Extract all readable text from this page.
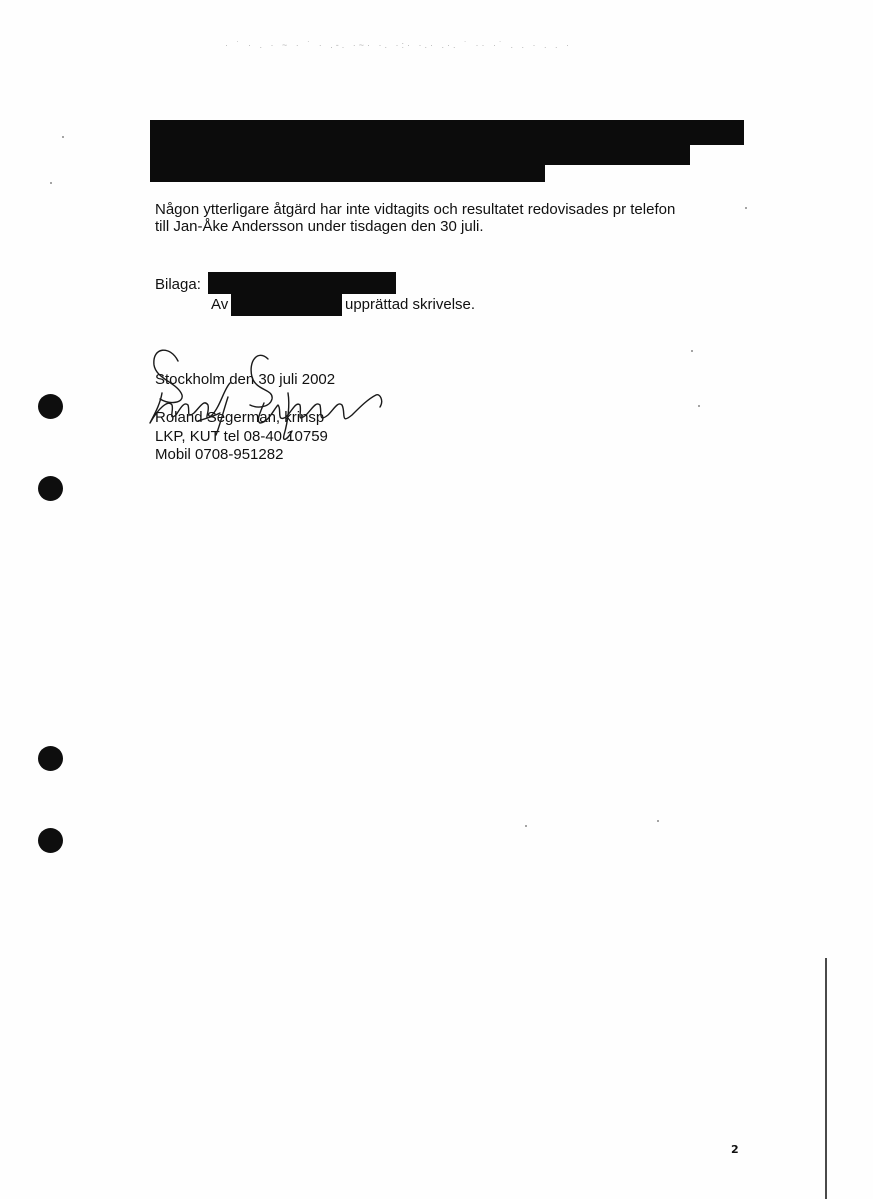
· ˙ · . · ~ · ˙ · .-. ·~· ·. ·:· ·.· .·. ˙ ·· ·˙ . . · . . ·
Någon ytterligare åtgärd har inte vidtagits och resultatet redovisades pr telefon
till Jan-Åke Andersson under tisdagen den 30 juli.
Bilaga:
Av	upprättad skrivelse.
Stockholm den 30 juli 2002
Roland Segerman, krinsp
LKP, KUT tel 08-40 10759
Mobil 0708-951282
2
